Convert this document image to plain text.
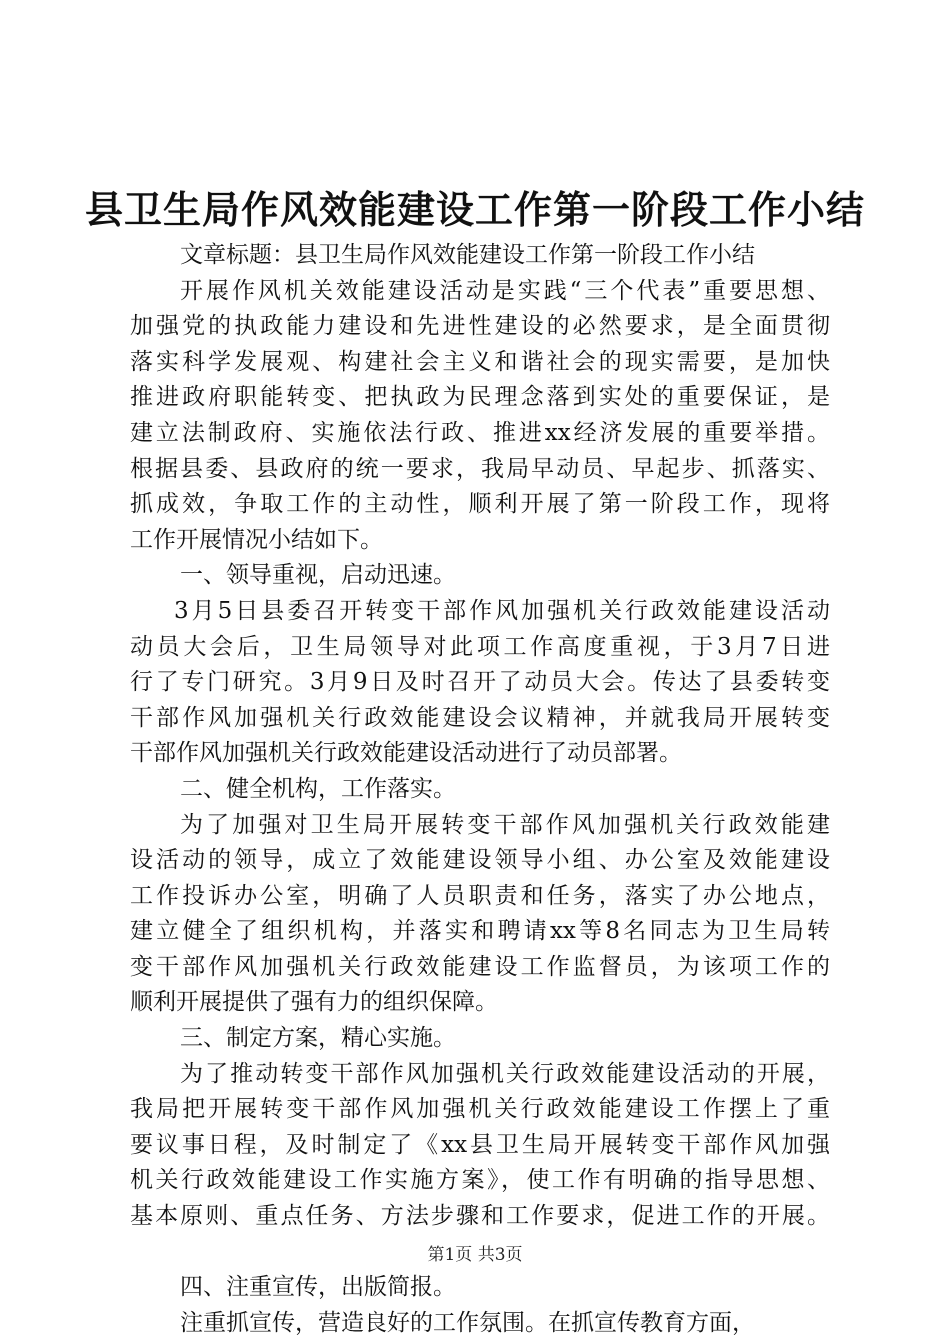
县卫生局作风效能建设工作第一阶段工作小结
文章标题：县卫生局作风效能建设工作第一阶段工作小结
开展作风机关效能建设活动是实践“三个代表”重要思想、
加强党的执政能力建设和先进性建设的必然要求，是全面贯彻
落实科学发展观、构建社会主义和谐社会的现实需要，是加快
推进政府职能转变、把执政为民理念落到实处的重要保证，是
建立法制政府、实施依法行政、推进xx经济发展的重要举措。
根据县委、县政府的统一要求，我局早动员、早起步、抓落实、
抓成效，争取工作的主动性，顺利开展了第一阶段工作，现将
工作开展情况小结如下。
一、领导重视，启动迅速。
3月5日县委召开转变干部作风加强机关行政效能建设活动
动员大会后，卫生局领导对此项工作高度重视，于3月7日进
行了专门研究。3月9日及时召开了动员大会。传达了县委转变
干部作风加强机关行政效能建设会议精神，并就我局开展转变
干部作风加强机关行政效能建设活动进行了动员部署。
二、健全机构，工作落实。
为了加强对卫生局开展转变干部作风加强机关行政效能建
设活动的领导，成立了效能建设领导小组、办公室及效能建设
工作投诉办公室，明确了人员职责和任务，落实了办公地点，
建立健全了组织机构，并落实和聘请xx等8名同志为卫生局转
变干部作风加强机关行政效能建设工作监督员，为该项工作的
顺利开展提供了强有力的组织保障。
三、制定方案，精心实施。
为了推动转变干部作风加强机关行政效能建设活动的开展，
我局把开展转变干部作风加强机关行政效能建设工作摆上了重
要议事日程，及时制定了《xx县卫生局开展转变干部作风加强
机关行政效能建设工作实施方案》，使工作有明确的指导思想、
基本原则、重点任务、方法步骤和工作要求，促进工作的开展。
四、注重宣传，出版简报。
注重抓宣传，营造良好的工作氛围。在抓宣传教育方面，
第1页 共3页
